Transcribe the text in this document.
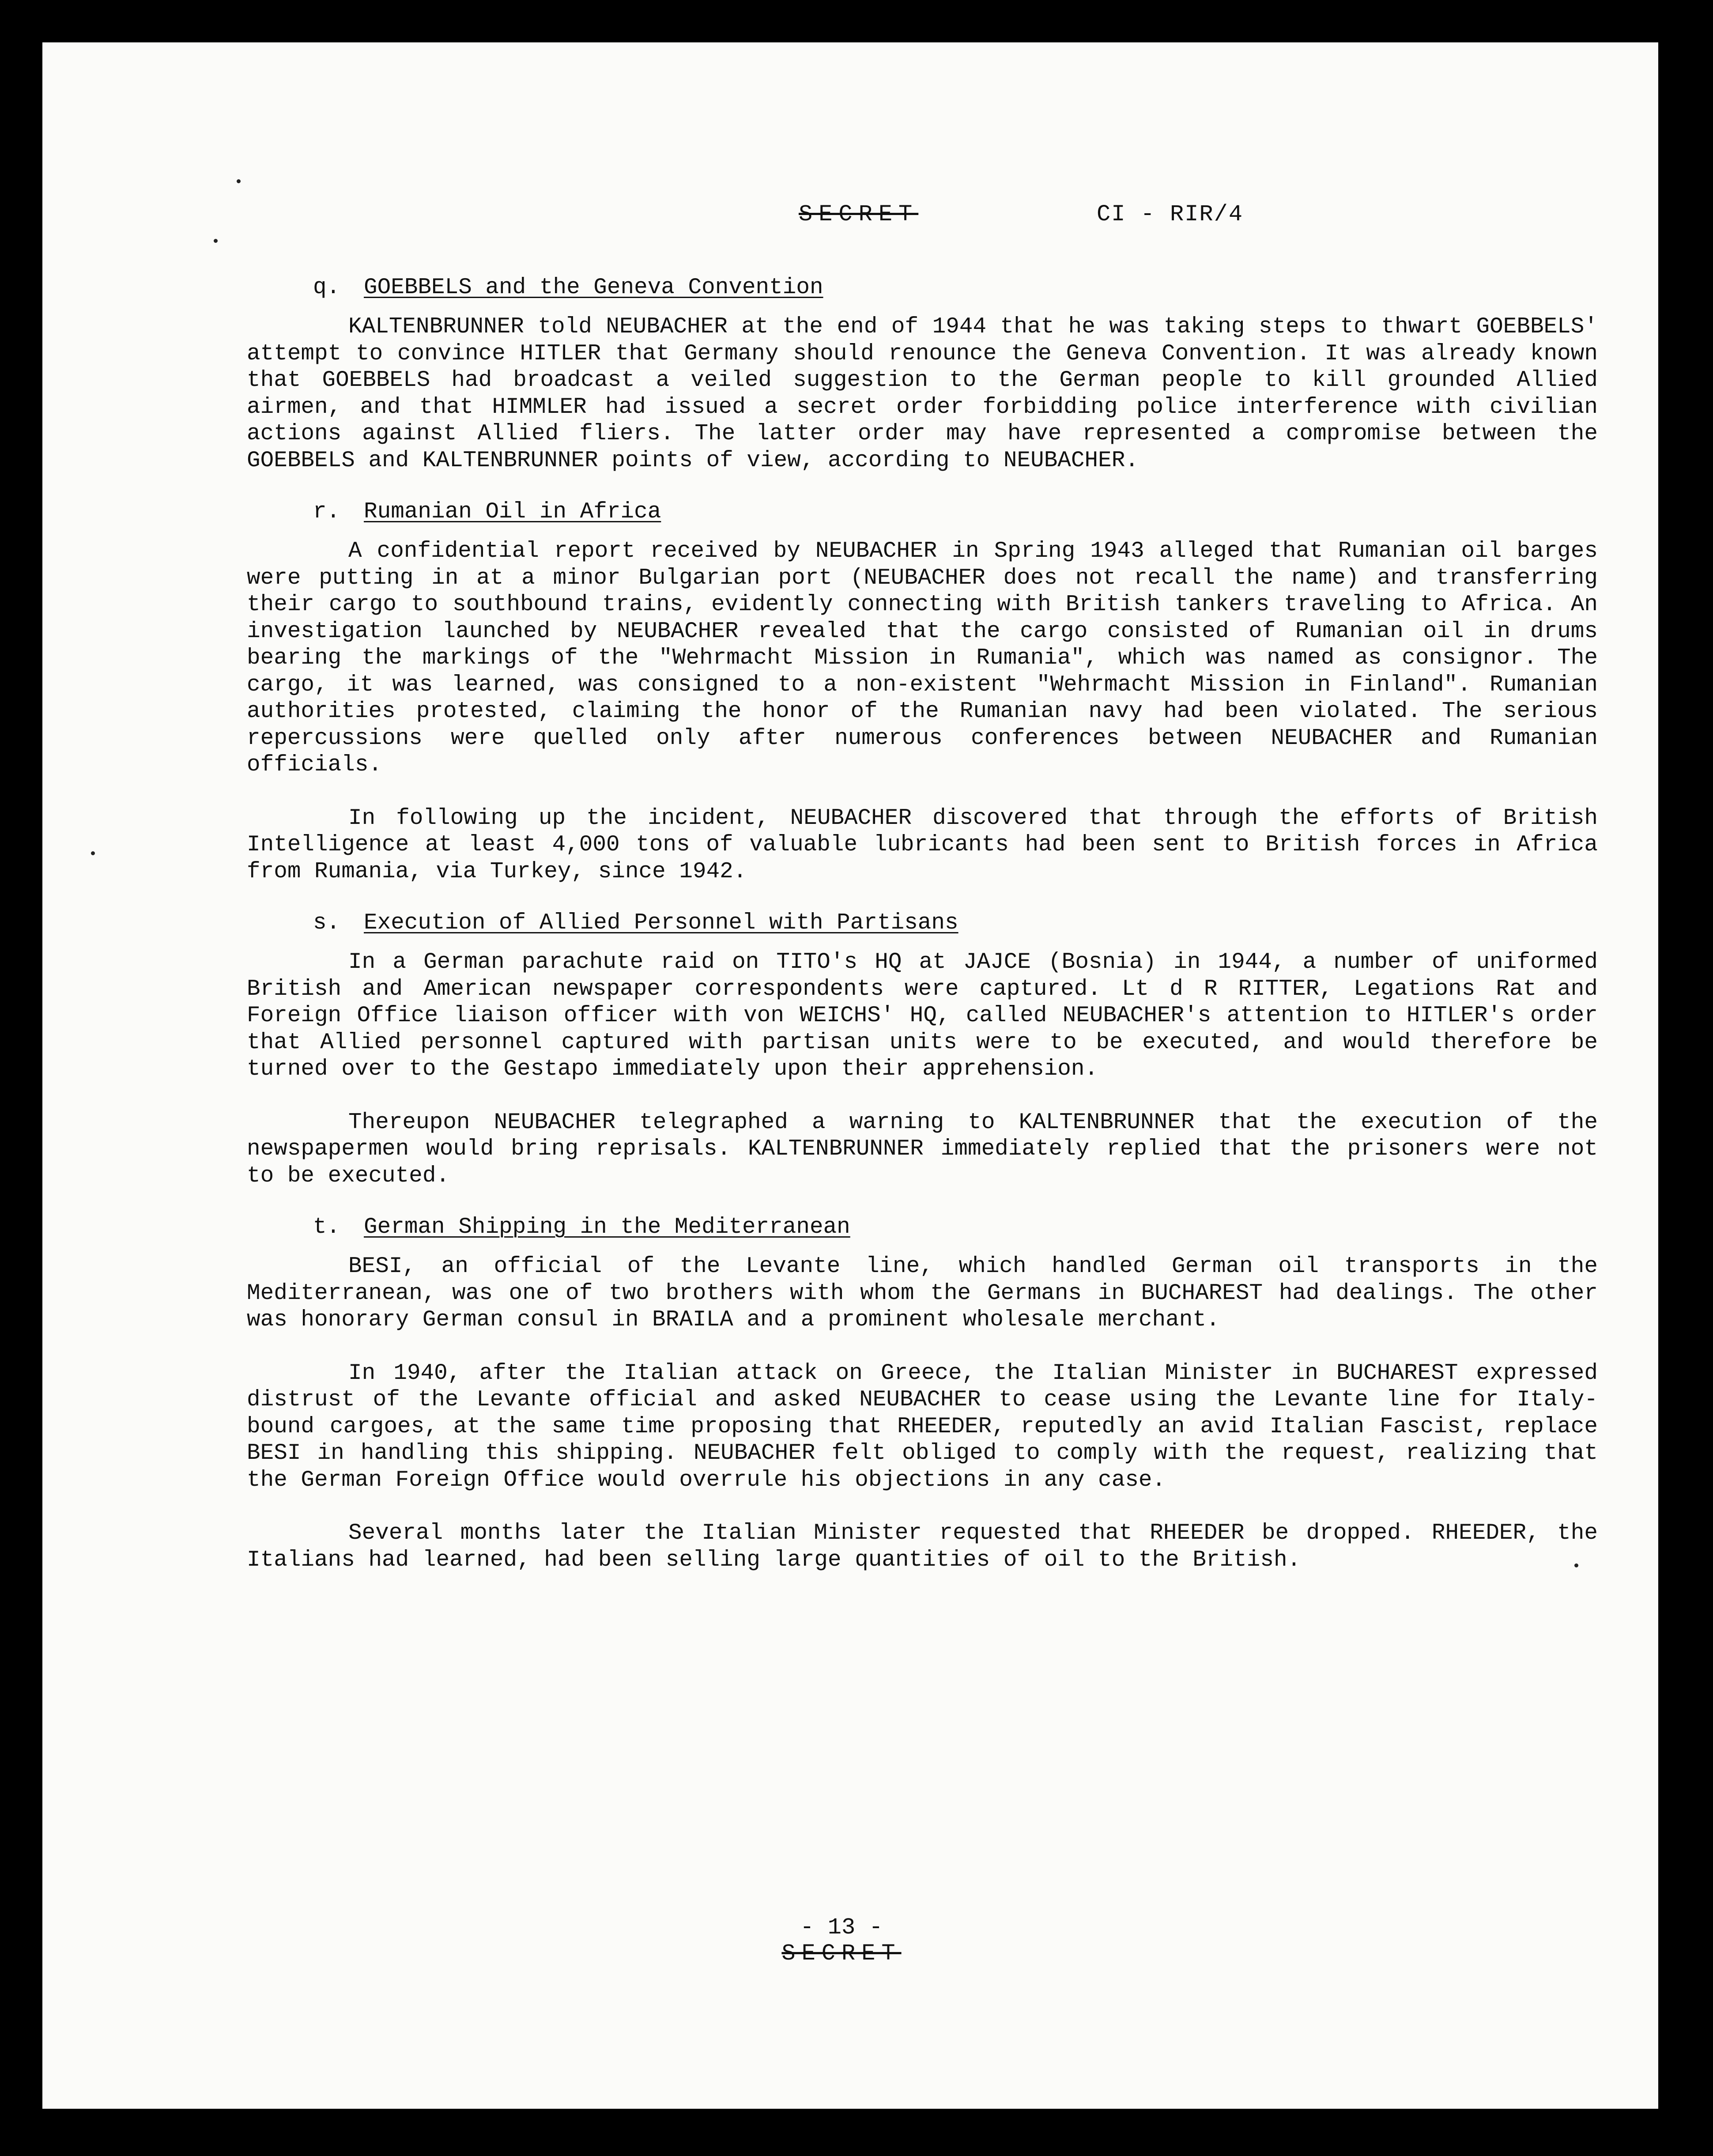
SECRET	CI - RIR/4
q. GOEBBELS and the Geneva Convention

KALTENBRUNNER told NEUBACHER at the end of 1944 that he was taking steps to thwart GOEBBELS' attempt to convince HITLER that Germany should renounce the Geneva Convention. It was already known that GOEBBELS had broadcast a veiled suggestion to the German people to kill grounded Allied airmen, and that HIMMLER had issued a secret order forbidding police interference with civilian actions against Allied fliers. The latter order may have represented a compromise between the GOEBBELS and KALTENBRUNNER points of view, according to NEUBACHER.

r. Rumanian Oil in Africa

A confidential report received by NEUBACHER in Spring 1943 alleged that Rumanian oil barges were putting in at a minor Bulgarian port (NEUBACHER does not recall the name) and transferring their cargo to southbound trains, evidently connecting with British tankers traveling to Africa. An investigation launched by NEUBACHER revealed that the cargo consisted of Rumanian oil in drums bearing the markings of the "Wehrmacht Mission in Rumania", which was named as consignor. The cargo, it was learned, was consigned to a non-existent "Wehrmacht Mission in Finland". Rumanian authorities protested, claiming the honor of the Rumanian navy had been violated. The serious repercussions were quelled only after numerous conferences between NEUBACHER and Rumanian officials.

In following up the incident, NEUBACHER discovered that through the efforts of British Intelligence at least 4,000 tons of valuable lubricants had been sent to British forces in Africa from Rumania, via Turkey, since 1942.

s. Execution of Allied Personnel with Partisans

In a German parachute raid on TITO's HQ at JAJCE (Bosnia) in 1944, a number of uniformed British and American newspaper correspondents were captured. Lt d R RITTER, Legations Rat and Foreign Office liaison officer with von WEICHS' HQ, called NEUBACHER's attention to HITLER's order that Allied personnel captured with partisan units were to be executed, and would therefore be turned over to the Gestapo immediately upon their apprehension.

Thereupon NEUBACHER telegraphed a warning to KALTENBRUNNER that the execution of the newspapermen would bring reprisals. KALTENBRUNNER immediately replied that the prisoners were not to be executed.

t. German Shipping in the Mediterranean

BESI, an official of the Levante line, which handled German oil transports in the Mediterranean, was one of two brothers with whom the Germans in BUCHAREST had dealings. The other was honorary German consul in BRAILA and a prominent wholesale merchant.

In 1940, after the Italian attack on Greece, the Italian Minister in BUCHAREST expressed distrust of the Levante official and asked NEUBACHER to cease using the Levante line for Italy-bound cargoes, at the same time proposing that RHEEDER, reputedly an avid Italian Fascist, replace BESI in handling this shipping. NEUBACHER felt obliged to comply with the request, realizing that the German Foreign Office would overrule his objections in any case.

Several months later the Italian Minister requested that RHEEDER be dropped. RHEEDER, the Italians had learned, had been selling large quantities of oil to the British.

- 13 -
SECRET
